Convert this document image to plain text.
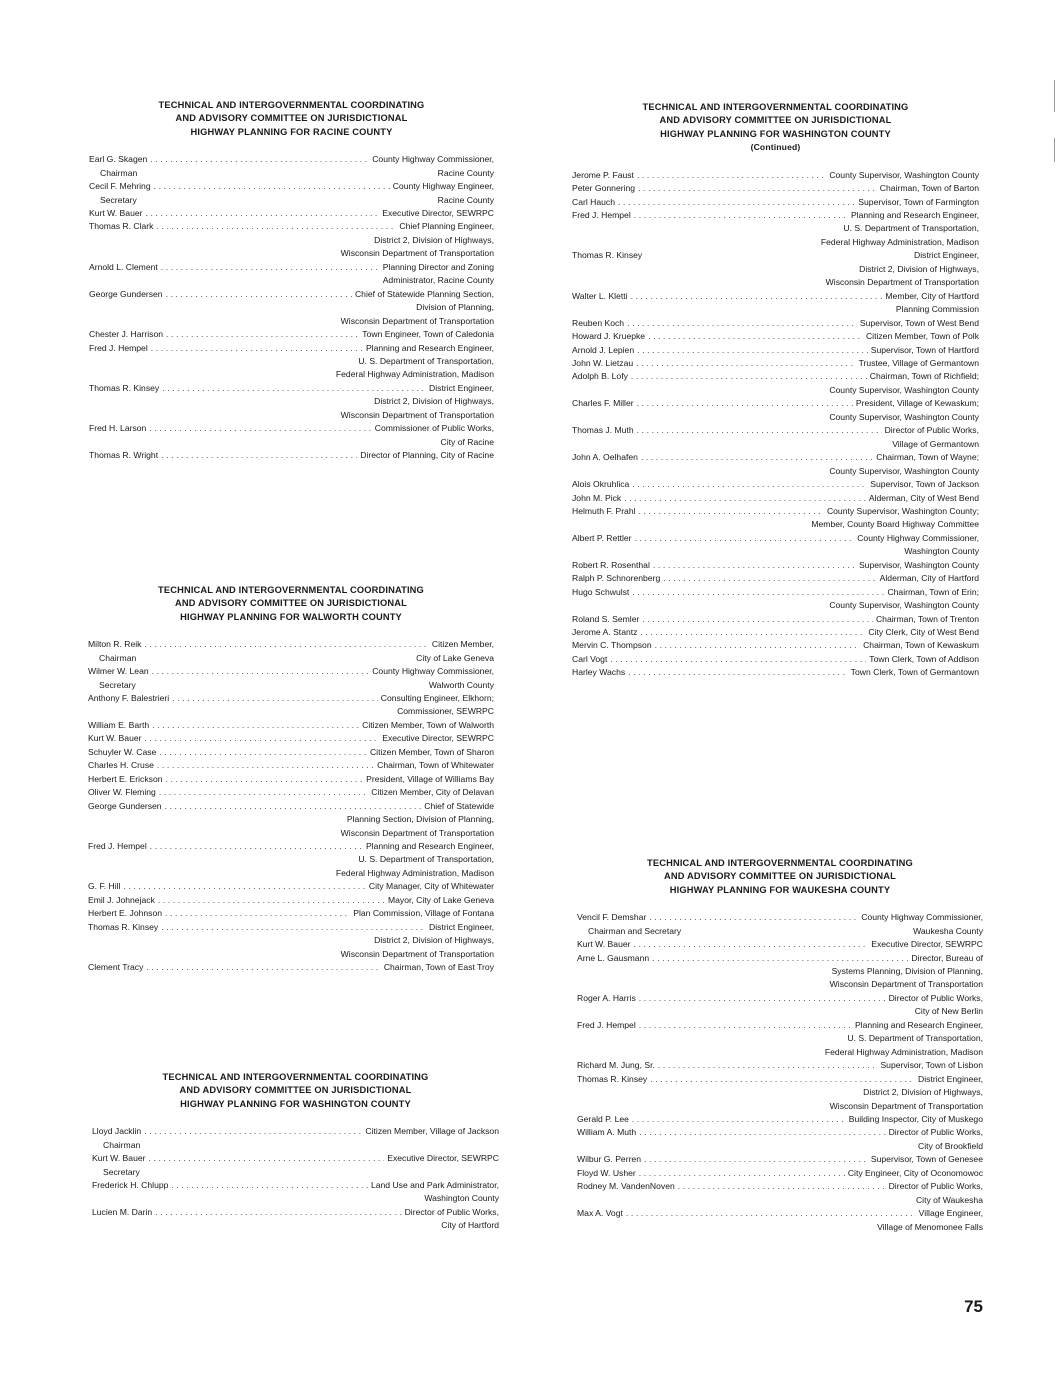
TECHNICAL AND INTERGOVERNMENTAL COORDINATING
AND ADVISORY COMMITTEE ON JURISDICTIONAL
HIGHWAY PLANNING FOR RACINE COUNTY
Earl G. Skagen .....	County Highway Commissioner,
Chairman	Racine County
Cecil F. Mehring .....	County Highway Engineer,
Secretary	Racine County
Kurt W. Bauer .....	Executive Director, SEWRPC
Thomas R. Clark .....	Chief Planning Engineer,
District 2, Division of Highways,
Wisconsin Department of Transportation
Arnold L. Clement .....	Planning Director and Zoning
Administrator, Racine County
George Gundersen .....	Chief of Statewide Planning Section,
Division of Planning,
Wisconsin Department of Transportation
Chester J. Harrison .....	Town Engineer, Town of Caledonia
Fred J. Hempel .....	Planning and Research Engineer,
U. S. Department of Transportation,
Federal Highway Administration, Madison
Thomas R. Kinsey .....	District Engineer,
District 2, Division of Highways,
Wisconsin Department of Transportation
Fred H. Larson .....	Commissioner of Public Works,
City of Racine
Thomas R. Wright .....	Director of Planning, City of Racine
TECHNICAL AND INTERGOVERNMENTAL COORDINATING
AND ADVISORY COMMITTEE ON JURISDICTIONAL
HIGHWAY PLANNING FOR WALWORTH COUNTY
Milton R. Reik .....	Citizen Member,
Chairman	City of Lake Geneva
Wilmer W. Lean .....	County Highway Commissioner,
Secretary	Walworth County
Anthony F. Balestrieri .....	Consulting Engineer, Elkhorn;
Commissioner, SEWRPC
William E. Barth .....	Citizen Member, Town of Walworth
Kurt W. Bauer .....	Executive Director, SEWRPC
Schuyler W. Case .....	Citizen Member, Town of Sharon
Charles H. Cruse .....	Chairman, Town of Whitewater
Herbert E. Erickson .....	President, Village of Williams Bay
Oliver W. Fleming .....	Citizen Member, City of Delavan
George Gundersen .....	Chief of Statewide
Planning Section, Division of Planning,
Wisconsin Department of Transportation
Fred J. Hempel .....	Planning and Research Engineer,
U. S. Department of Transportation,
Federal Highway Administration, Madison
G. F. Hill .....	City Manager, City of Whitewater
Emil J. Johnejack .....	Mayor, City of Lake Geneva
Herbert E. Johnson .....	Plan Commission, Village of Fontana
Thomas R. Kinsey .....	District Engineer,
District 2, Division of Highways,
Wisconsin Department of Transportation
Clement Tracy .....	Chairman, Town of East Troy
TECHNICAL AND INTERGOVERNMENTAL COORDINATING
AND ADVISORY COMMITTEE ON JURISDICTIONAL
HIGHWAY PLANNING FOR WASHINGTON COUNTY
Lloyd Jacklin .....	Citizen Member, Village of Jackson
Chairman
Kurt W. Bauer .....	Executive Director, SEWRPC
Secretary
Frederick H. Chlupp .....	Land Use and Park Administrator,
Washington County
Lucien M. Darin .....	Director of Public Works,
City of Hartford
TECHNICAL AND INTERGOVERNMENTAL COORDINATING
AND ADVISORY COMMITTEE ON JURISDICTIONAL
HIGHWAY PLANNING FOR WASHINGTON COUNTY
(Continued)
Jerome P. Faust .....	County Supervisor, Washington County
Peter Gonnering .....	Chairman, Town of Barton
Carl Hauch .....	Supervisor, Town of Farmington
Fred J. Hempel .....	Planning and Research Engineer,
U. S. Department of Transportation,
Federal Highway Administration, Madison
Thomas R. Kinsey	District Engineer,
District 2, Division of Highways,
Wisconsin Department of Transportation
Walter L. Kletti .....	Member, City of Hartford
Planning Commission
Reuben Koch .....	Supervisor, Town of West Bend
Howard J. Kruepke .....	Citizen Member, Town of Polk
Arnold J. Lepien .....	Supervisor, Town of Hartford
John W. Lietzau .....	Trustee, Village of Germantown
Adolph B. Lofy .....	Chairman, Town of Richfield;
County Supervisor, Washington County
Charles F. Miller .....	President, Village of Kewaskum;
County Supervisor, Washington County
Thomas J. Muth .....	Director of Public Works,
Village of Germantown
John A. Oelhafen .....	Chairman, Town of Wayne;
County Supervisor, Washington County
Alois Okruhlica .....	Supervisor, Town of Jackson
John M. Pick .....	Alderman, City of West Bend
Helmuth F. Prahl .....	County Supervisor, Washington County;
Member, County Board Highway Committee
Albert P. Rettler .....	County Highway Commissioner,
Washington County
Robert R. Rosenthal .....	Supervisor, Washington County
Ralph P. Schnorenberg .....	Alderman, City of Hartford
Hugo Schwulst .....	Chairman, Town of Erin;
County Supervisor, Washington County
Roland S. Semler .....	Chairman, Town of Trenton
Jerome A. Stantz .....	City Clerk, City of West Bend
Mervin C. Thompson .....	Chairman, Town of Kewaskum
Carl Vogt .....	Town Clerk, Town of Addison
Harley Wachs .....	Town Clerk, Town of Germantown
TECHNICAL AND INTERGOVERNMENTAL COORDINATING
AND ADVISORY COMMITTEE ON JURISDICTIONAL
HIGHWAY PLANNING FOR WAUKESHA COUNTY
Vencil F. Demshar .....	County Highway Commissioner,
Chairman and Secretary	Waukesha County
Kurt W. Bauer .....	Executive Director, SEWRPC
Arne L. Gausmann .....	Director, Bureau of
Systems Planning, Division of Planning,
Wisconsin Department of Transportation
Roger A. Harris .....	Director of Public Works,
City of New Berlin
Fred J. Hempel .....	Planning and Research Engineer,
U. S. Department of Transportation,
Federal Highway Administration, Madison
Richard M. Jung, Sr. .....	Supervisor, Town of Lisbon
Thomas R. Kinsey .....	District Engineer,
District 2, Division of Highways,
Wisconsin Department of Transportation
Gerald P. Lee .....	Building Inspector, City of Muskego
William A. Muth .....	Director of Public Works,
City of Brookfield
Wilbur G. Perren .....	Supervisor, Town of Genesee
Floyd W. Usher .....	City Engineer, City of Oconomowoc
Rodney M. VandenNoven .....	Director of Public Works,
City of Waukesha
Max A. Vogt .....	Village Engineer,
Village of Menomonee Falls
75
